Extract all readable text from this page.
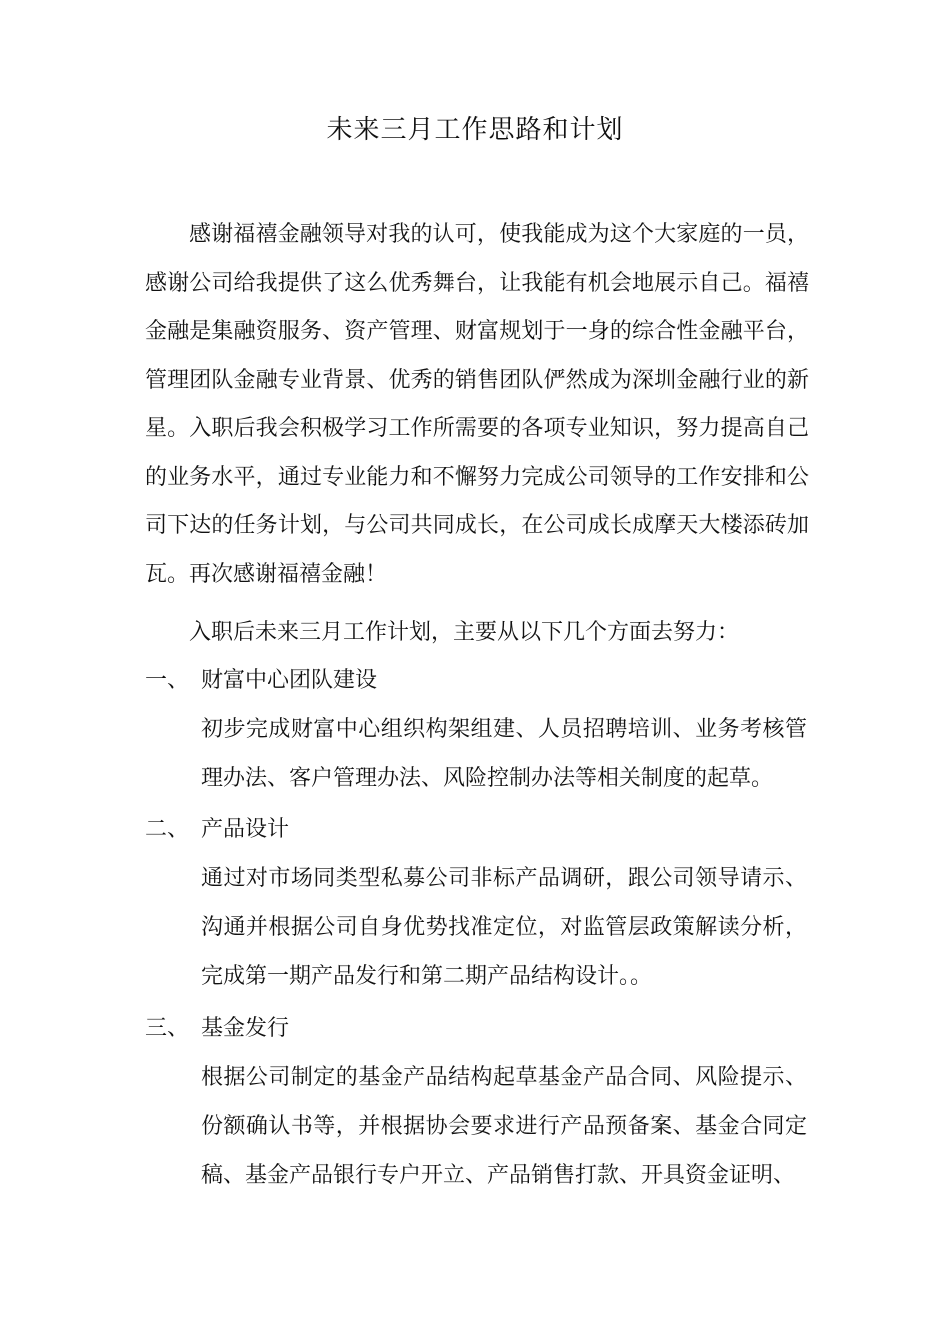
未来三月工作思路和计划

感谢福禧金融领导对我的认可，使我能成为这个大家庭的一员，感谢公司给我提供了这么优秀舞台，让我能有机会地展示自己。福禧金融是集融资服务、资产管理、财富规划于一身的综合性金融平台，管理团队金融专业背景、优秀的销售团队俨然成为深圳金融行业的新星。入职后我会积极学习工作所需要的各项专业知识，努力提高自己的业务水平，通过专业能力和不懈努力完成公司领导的工作安排和公司下达的任务计划，与公司共同成长，在公司成长成摩天大楼添砖加瓦。再次感谢福禧金融！

入职后未来三月工作计划，主要从以下几个方面去努力：

一、 财富中心团队建设

初步完成财富中心组织构架组建、人员招聘培训、业务考核管理办法、客户管理办法、风险控制办法等相关制度的起草。

二、 产品设计

通过对市场同类型私募公司非标产品调研，跟公司领导请示、沟通并根据公司自身优势找准定位，对监管层政策解读分析，完成第一期产品发行和第二期产品结构设计。。

三、 基金发行

根据公司制定的基金产品结构起草基金产品合同、风险提示、份额确认书等，并根据协会要求进行产品预备案、基金合同定稿、基金产品银行专户开立、产品销售打款、开具资金证明、
